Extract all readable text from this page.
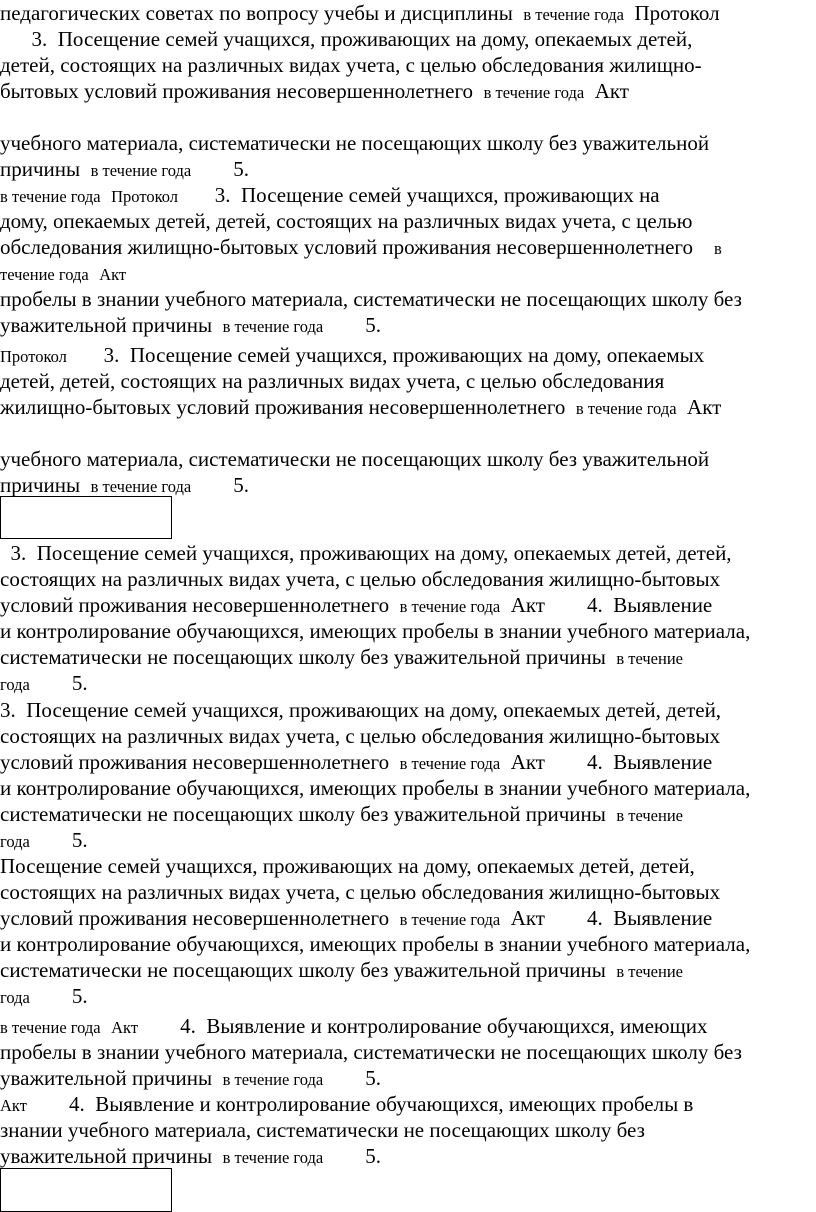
педагогических советах по вопросу учебы и дисциплины  в течение года  Протокол
3.  Посещение семей учащихся, проживающих на дому, опекаемых детей,
детей, состоящих на различных видах учета, с целью обследования жилищно-
бытовых условий проживания несовершеннолетнего  в течение года  Акт
учебного материала, систематически не посещающих школу без уважительной
причины  в течение года        5.
в течение года Протокол       3.  Посещение семей учащихся, проживающих на
дому, опекаемых детей, детей, состоящих на различных видах учета, с целью
обследования жилищно-бытовых условий проживания несовершеннолетнего    в
течение года Акт
пробелы в знании учебного материала, систематически не посещающих школу без
уважительной причины  в течение года        5.
Протокол       3.  Посещение семей учащихся, проживающих на дому, опекаемых
детей, детей, состоящих на различных видах учета, с целью обследования
жилищно-бытовых условий проживания несовершеннолетнего  в течение года  Акт
учебного материала, систематически не посещающих школу без уважительной
причины  в течение года        5.
3.  Посещение семей учащихся, проживающих на дому, опекаемых детей, детей,
состоящих на различных видах учета, с целью обследования жилищно-бытовых
условий проживания несовершеннолетнего  в течение года  Акт        4.  Выявление
и контролирование обучающихся, имеющих пробелы в знании учебного материала,
систематически не посещающих школу без уважительной причины  в течение
года        5.
3.  Посещение семей учащихся, проживающих на дому, опекаемых детей, детей,
состоящих на различных видах учета, с целью обследования жилищно-бытовых
условий проживания несовершеннолетнего  в течение года  Акт        4.  Выявление
и контролирование обучающихся, имеющих пробелы в знании учебного материала,
систематически не посещающих школу без уважительной причины  в течение
года        5.
Посещение семей учащихся, проживающих на дому, опекаемых детей, детей,
состоящих на различных видах учета, с целью обследования жилищно-бытовых
условий проживания несовершеннолетнего  в течение года  Акт        4.  Выявление
и контролирование обучающихся, имеющих пробелы в знании учебного материала,
систематически не посещающих школу без уважительной причины  в течение
года        5.
в течение года Акт        4.  Выявление и контролирование обучающихся, имеющих
пробелы в знании учебного материала, систематически не посещающих школу без
уважительной причины  в течение года        5.
Акт        4.  Выявление и контролирование обучающихся, имеющих пробелы в
знании учебного материала, систематически не посещающих школу без
уважительной причины  в течение года        5.
